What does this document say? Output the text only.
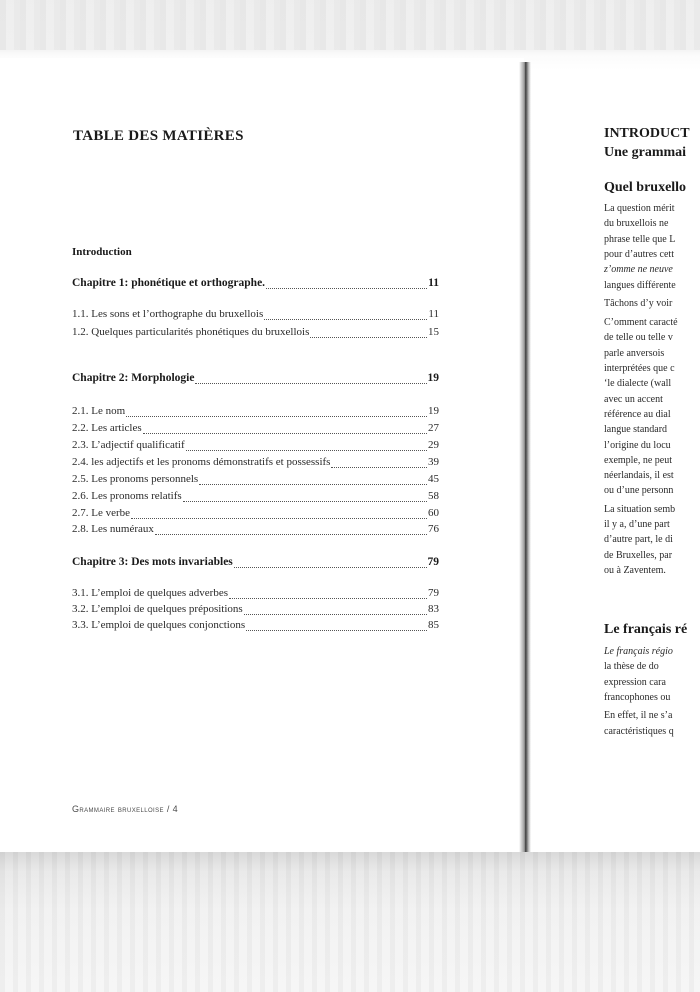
TABLE DES MATIÈRES
Introduction
Chapitre 1: phonétique et orthographe.	11
1.1. Les sons et l’orthographe du bruxellois	11
1.2. Quelques particularités phonétiques du bruxellois	15
Chapitre 2: Morphologie	19
2.1. Le nom	19
2.2. Les articles	27
2.3. L’adjectif qualificatif	29
2.4. les adjectifs et les pronoms démonstratifs et possessifs	39
2.5. Les pronoms personnels	45
2.6. Les pronoms relatifs	58
2.7. Le verbe	60
2.8. Les numéraux	76
Chapitre 3: Des mots invariables	79
3.1. L’emploi de quelques adverbes	79
3.2. L’emploi de quelques prépositions	83
3.3. L’emploi de quelques conjonctions	85
Grammaire bruxelloise / 4
INTRODUCT
Une grammai
Quel bruxello
La question mérit
du bruxellois ne
phrase telle que L
pour d’autres cett
z’omme ne neuve
langues différente
Tâchons d’y voir
C’omment caracté
de telle ou telle v
parle anversois
interprétées que c
‘le dialecte (wall
avec un accent
référence au dial
langue standard
l’origine du locu
exemple, ne peut
néerlandais, il est
ou d’une personn
La situation semb
il y a, d’une part
d’autre part, le di
de Bruxelles, par
ou à Zaventem.
Le français ré
Le français régio
la thèse de do
expression cara
francophones ou
En effet, il ne s’a
caractéristiques q
